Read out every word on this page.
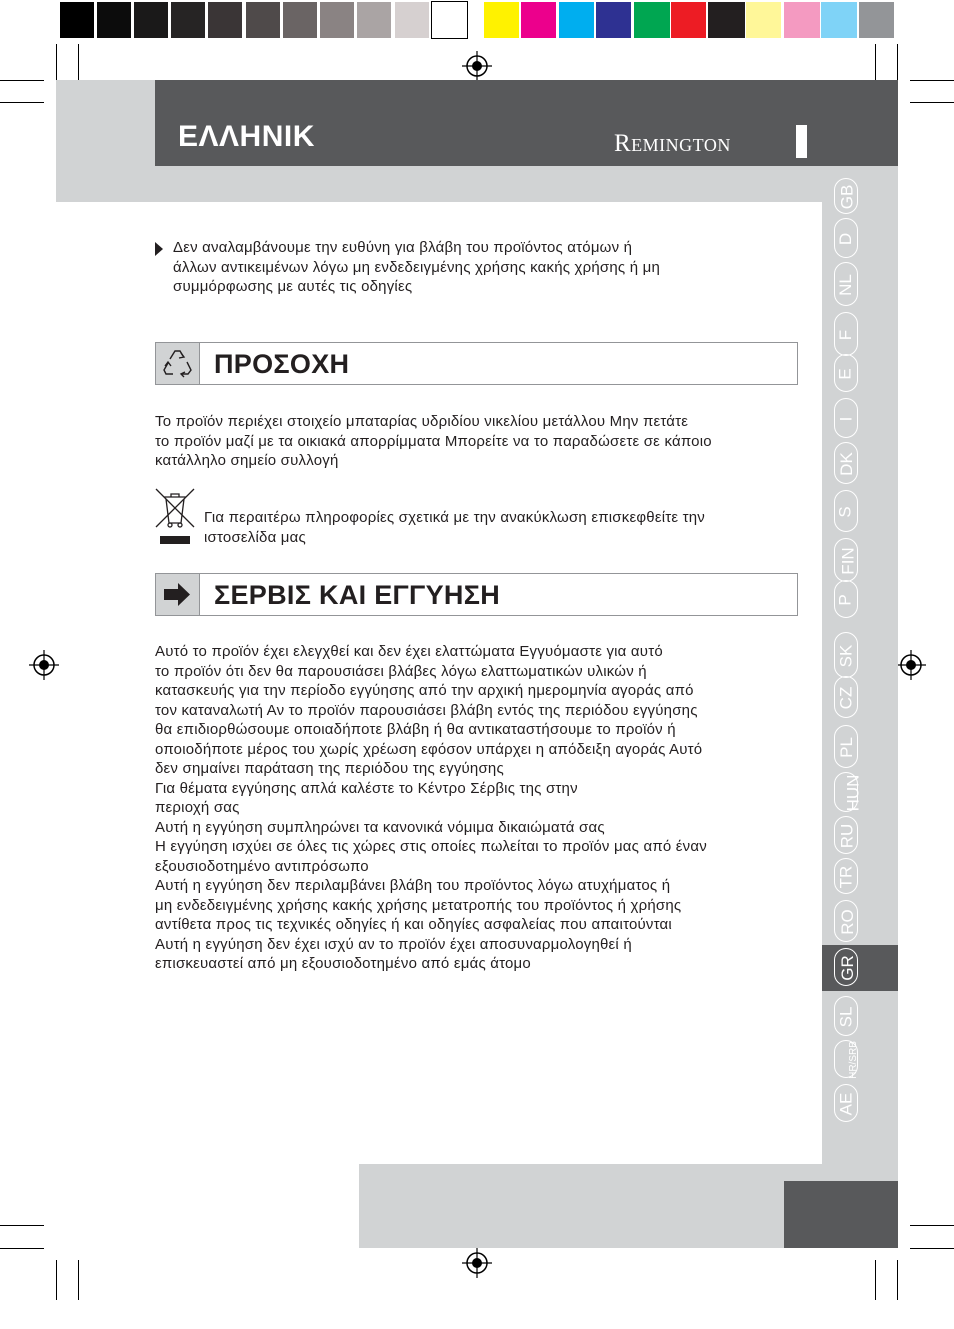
ΕΛΛΗΝΙΚ	Remington
GB
D
NL
F
E
I
DK
S
FIN
P
SK
CZ
PL
HUN
RU
TR
RO
GR
SL
HR/SRB
AE
Δεν αναλαμβάνουμε την ευθύνη για βλάβη του προϊόντος ατόμων ή
άλλων αντικειμένων λόγω μη ενδεδειγμένης χρήσης κακής χρήσης ή μη
συμμόρφωσης με αυτές τις οδηγίες
ΠΡΟΣΟΧΗ
Το προϊόν περιέχει στοιχείο μπαταρίας υδριδίου νικελίου μετάλλου Μην πετάτε
το προϊόν μαζί με τα οικιακά απορρίμματα Μπορείτε να το παραδώσετε σε κάποιο
κατάλληλο σημείο συλλογή
Για περαιτέρω πληροφορίες σχετικά με την ανακύκλωση επισκεφθείτε την
ιστοσελίδα μας
ΣΕΡΒΙΣ ΚΑΙ ΕΓΓΥΗΣΗ
Αυτό το προϊόν έχει ελεγχθεί και δεν έχει ελαττώματα Εγγυόμαστε για αυτό
το προϊόν ότι δεν θα παρουσιάσει βλάβες λόγω ελαττωματικών υλικών ή
κατασκευής για την περίοδο εγγύησης από την αρχική ημερομηνία αγοράς από
τον καταναλωτή Αν το προϊόν παρουσιάσει βλάβη εντός της περιόδου εγγύησης
θα επιδιορθώσουμε οποιαδήποτε βλάβη ή θα αντικαταστήσουμε το προϊόν ή
οποιοδήποτε μέρος του χωρίς χρέωση εφόσον υπάρχει η απόδειξη αγοράς Αυτό
δεν σημαίνει παράταση της περιόδου της εγγύησης
Για θέματα εγγύησης απλά καλέστε το Κέντρο Σέρβις της στην
περιοχή σας
Αυτή η εγγύηση συμπληρώνει τα κανονικά νόμιμα δικαιώματά σας
Η εγγύηση ισχύει σε όλες τις χώρες στις οποίες πωλείται το προϊόν μας από έναν
εξουσιοδοτημένο αντιπρόσωπο
Αυτή η εγγύηση δεν περιλαμβάνει βλάβη του προϊόντος λόγω ατυχήματος ή
μη ενδεδειγμένης χρήσης κακής χρήσης μετατροπής του προϊόντος ή χρήσης
αντίθετα προς τις τεχνικές οδηγίες ή και οδηγίες ασφαλείας που απαιτούνται
Αυτή η εγγύηση δεν έχει ισχύ αν το προϊόν έχει αποσυναρμολογηθεί ή
επισκευαστεί από μη εξουσιοδοτημένο από εμάς άτομο
